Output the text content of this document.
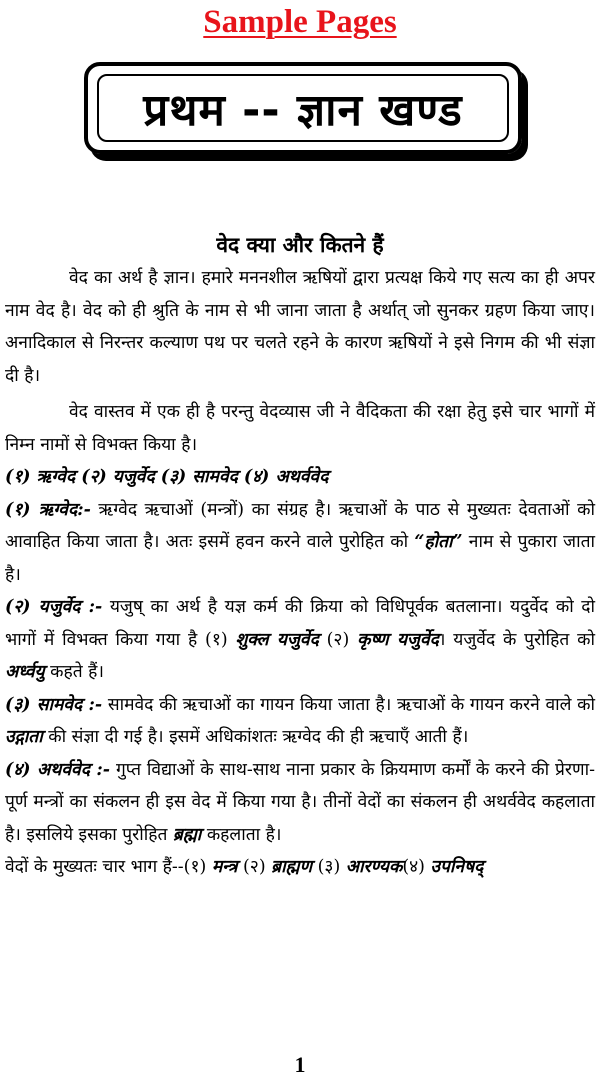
Sample Pages
प्रथम -- ज्ञान खण्ड
वेद क्या और कितने हैं

वेद का अर्थ है ज्ञान। हमारे मननशील ऋषियों द्वारा प्रत्यक्ष किये गए सत्य का ही अपर नाम वेद है। वेद को ही श्रुति के नाम से भी जाना जाता है अर्थात् जो सुनकर ग्रहण किया जाए। अनादिकाल से निरन्तर कल्याण पथ पर चलते रहने के कारण ऋषियों ने इसे निगम की भी संज्ञा दी है।

वेद वास्तव में एक ही है परन्तु वेदव्यास जी ने वैदिकता की रक्षा हेतु इसे चार भागों में निम्न नामों से विभक्त किया है।

(१) ऋग्वेद (२) यजुर्वेद (३) सामवेद (४) अथर्ववेद

(१) ऋग्वेद:- ऋग्वेद ऋचाओं (मन्त्रों) का संग्रह है। ऋचाओं के पाठ से मुख्यतः देवताओं को आवाहित किया जाता है। अतः इसमें हवन करने वाले पुरोहित को “होता” नाम से पुकारा जाता है।

(२) यजुर्वेद :- यजुष् का अर्थ है यज्ञ कर्म की क्रिया को विधिपूर्वक बतलाना। यदुर्वेद को दो भागों में विभक्त किया गया है (१) शुक्ल यजुर्वेद (२) कृष्ण यजुर्वेद। यजुर्वेद के पुरोहित को अर्ध्वयु कहते हैं।

(३) सामवेद :- सामवेद की ऋचाओं का गायन किया जाता है। ऋचाओं के गायन करने वाले को उद्गाता की संज्ञा दी गई है। इसमें अधिकांशतः ऋग्वेद की ही ऋचाएँ आती हैं।

(४) अथर्ववेद :- गुप्त विद्याओं के साथ-साथ नाना प्रकार के क्रियमाण कर्मों के करने की प्रेरणा-पूर्ण मन्त्रों का संकलन ही इस वेद में किया गया है। तीनों वेदों का संकलन ही अथर्ववेद कहलाता है। इसलिये इसका पुरोहित ब्रह्मा कहलाता है।

वेदों के मुख्यतः चार भाग हैं--(१) मन्त्र (२) ब्राह्मण (३) आरण्यक(४) उपनिषद्

1
